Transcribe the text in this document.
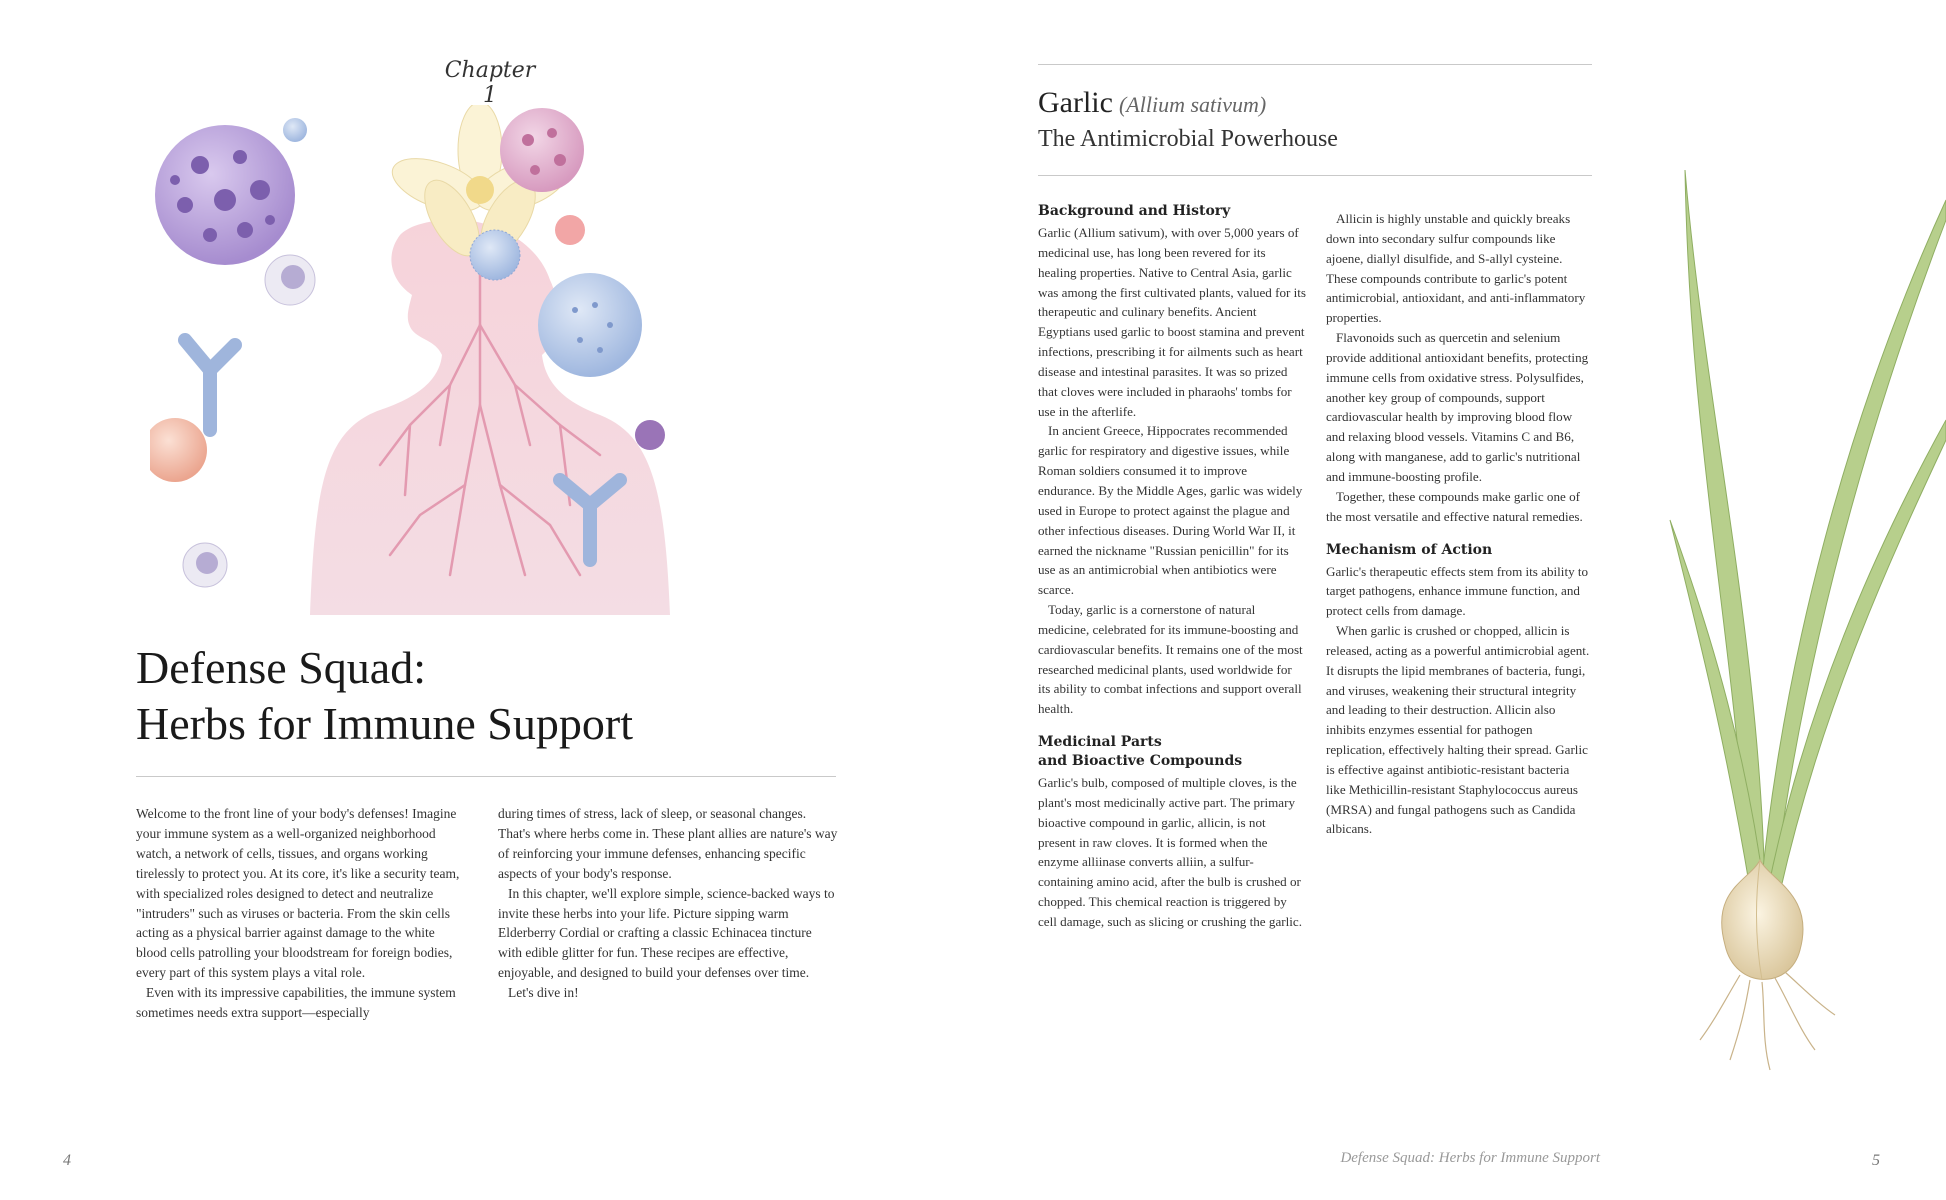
Chapter 1
Defense Squad:
Herbs for Immune Support

Welcome to the front line of your body's defenses! Imagine your immune system as a well-organized neighborhood watch, a network of cells, tissues, and organs working tirelessly to protect you. At its core, it's like a security team, with specialized roles designed to detect and neutralize "intruders" such as viruses or bacteria. From the skin cells acting as a physical barrier against damage to the white blood cells patrolling your bloodstream for foreign bodies, every part of this system plays a vital role.

Even with its impressive capabilities, the immune system sometimes needs extra support—especially

during times of stress, lack of sleep, or seasonal changes. That's where herbs come in. These plant allies are nature's way of reinforcing your immune defenses, enhancing specific aspects of your body's response.

In this chapter, we'll explore simple, science-backed ways to invite these herbs into your life. Picture sipping warm Elderberry Cordial or crafting a classic Echinacea tincture with edible glitter for fun. These recipes are effective, enjoyable, and designed to build your defenses over time.

Let's dive in!

4
Garlic (Allium sativum)
The Antimicrobial Powerhouse
Background and History

Garlic (Allium sativum), with over 5,000 years of medicinal use, has long been revered for its healing properties. Native to Central Asia, garlic was among the first cultivated plants, valued for its therapeutic and culinary benefits. Ancient Egyptians used garlic to boost stamina and prevent infections, prescribing it for ailments such as heart disease and intestinal parasites. It was so prized that cloves were included in pharaohs' tombs for use in the afterlife.

In ancient Greece, Hippocrates recommended garlic for respiratory and digestive issues, while Roman soldiers consumed it to improve endurance. By the Middle Ages, garlic was widely used in Europe to protect against the plague and other infectious diseases. During World War II, it earned the nickname "Russian penicillin" for its use as an antimicrobial when antibiotics were scarce.

Today, garlic is a cornerstone of natural medicine, celebrated for its immune-boosting and cardiovascular benefits. It remains one of the most researched medicinal plants, used worldwide for its ability to combat infections and support overall health.

Medicinal Parts
and Bioactive Compounds

Garlic's bulb, composed of multiple cloves, is the plant's most medicinally active part. The primary bioactive compound in garlic, allicin, is not present in raw cloves. It is formed when the enzyme alliinase converts alliin, a sulfur-containing amino acid, after the bulb is crushed or chopped. This chemical reaction is triggered by cell damage, such as slicing or crushing the garlic.

Allicin is highly unstable and quickly breaks down into secondary sulfur compounds like ajoene, diallyl disulfide, and S-allyl cysteine. These compounds contribute to garlic's potent antimicrobial, antioxidant, and anti-inflammatory properties.

Flavonoids such as quercetin and selenium provide additional antioxidant benefits, protecting immune cells from oxidative stress. Polysulfides, another key group of compounds, support cardiovascular health by improving blood flow and relaxing blood vessels. Vitamins C and B6, along with manganese, add to garlic's nutritional and immune-boosting profile.

Together, these compounds make garlic one of the most versatile and effective natural remedies.

Mechanism of Action

Garlic's therapeutic effects stem from its ability to target pathogens, enhance immune function, and protect cells from damage.

When garlic is crushed or chopped, allicin is released, acting as a powerful antimicrobial agent. It disrupts the lipid membranes of bacteria, fungi, and viruses, weakening their structural integrity and leading to their destruction. Allicin also inhibits enzymes essential for pathogen replication, effectively halting their spread. Garlic is effective against antibiotic-resistant bacteria like Methicillin-resistant Staphylococcus aureus (MRSA) and fungal pathogens such as Candida albicans.

Defense Squad: Herbs for Immune Support	5
